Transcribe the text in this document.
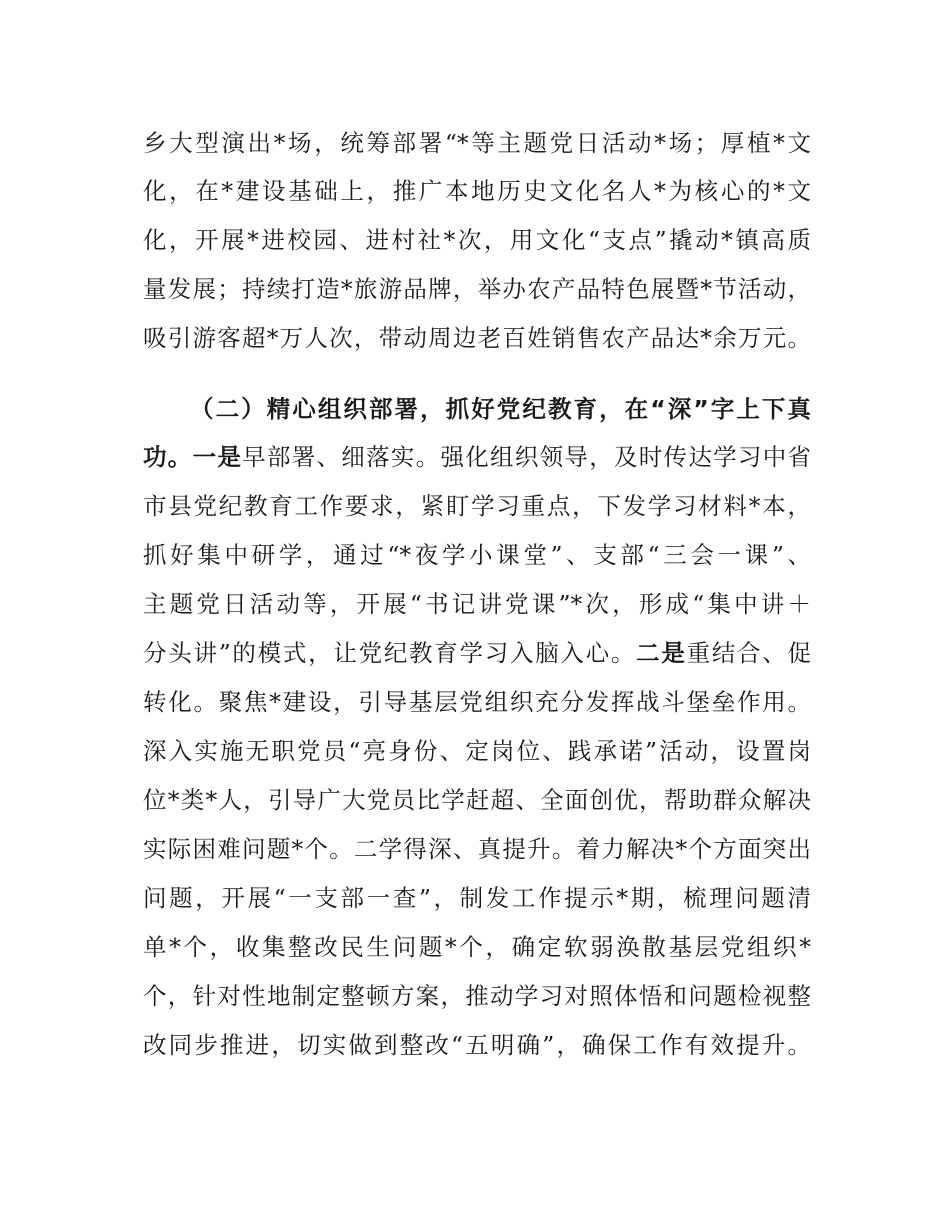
乡大型演出*场，统筹部署“*等主题党日活动*场；厚植*文
化，在*建设基础上，推广本地历史文化名人*为核心的*文
化，开展*进校园、进村社*次，用文化“支点”撬动*镇高质
量发展；持续打造*旅游品牌，举办农产品特色展暨*节活动，
吸引游客超*万人次，带动周边老百姓销售农产品达*余万元。
（二）精心组织部署，抓好党纪教育，在“深”字上下真
功。一是早部署、细落实。强化组织领导，及时传达学习中省
市县党纪教育工作要求，紧盯学习重点，下发学习材料*本，
抓好集中研学，通过“*夜学小课堂”、支部“三会一课”、
主题党日活动等，开展“书记讲党课”*次，形成“集中讲＋
分头讲”的模式，让党纪教育学习入脑入心。二是重结合、促
转化。聚焦*建设，引导基层党组织充分发挥战斗堡垒作用。
深入实施无职党员“亮身份、定岗位、践承诺”活动，设置岗
位*类*人，引导广大党员比学赶超、全面创优，帮助群众解决
实际困难问题*个。二学得深、真提升。着力解决*个方面突出
问题，开展“一支部一查”，制发工作提示*期，梳理问题清
单*个，收集整改民生问题*个，确定软弱涣散基层党组织*
个，针对性地制定整顿方案，推动学习对照体悟和问题检视整
改同步推进，切实做到整改“五明确”，确保工作有效提升。
